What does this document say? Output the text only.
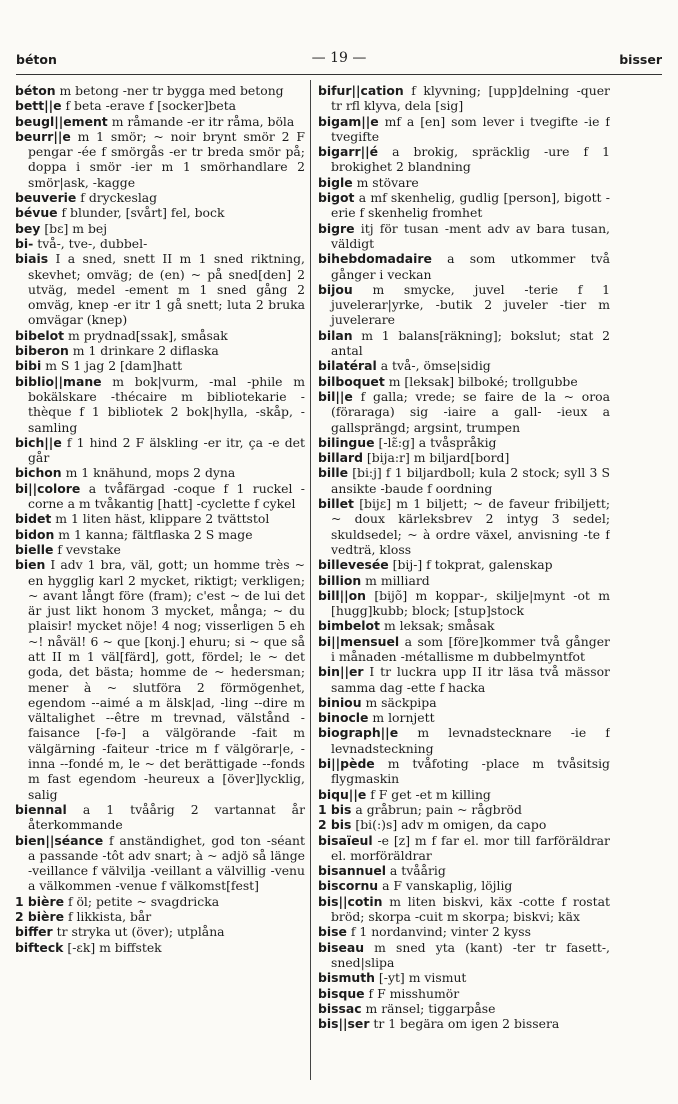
béton	— 19 —	bisser

béton m betong -ner tr bygga med betong

bett||e f beta -erave f [socker]beta

beugl||ement m råmande -er itr råma, böla

beurr||e m 1 smör; ~ noir brynt smör 2 F pengar -ée f smörgås -er tr breda smör på; doppa i smör -ier m 1 smörhandlare 2 smör|ask, -kagge

beuverie f dryckeslag

bévue f blunder, [svårt] fel, bock

bey [bɛ] m bej

bi- två-, tve-, dubbel-

biais I a sned, snett II m 1 sned riktning, skevhet; omväg; de (en) ~ på sned[den] 2 utväg, medel -ement m 1 sned gång 2 omväg, knep -er itr 1 gå snett; luta 2 bruka omvägar (knep)

bibelot m prydnad[ssak], småsak

biberon m 1 drinkare 2 diflaska

bibi m S 1 jag 2 [dam]hatt

biblio||mane m bok|vurm, -mal -phile m bokälskare -thécaire m bibliotekarie -thèque f 1 bibliotek 2 bok|hylla, -skåp, -samling

bich||e f 1 hind 2 F älskling -er itr, ça -e det går

bichon m 1 knähund, mops 2 dyna

bi||colore a tvåfärgad -coque f 1 ruckel -corne a m tvåkantig [hatt] -cyclette f cykel

bidet m 1 liten häst, klippare 2 tvättstol

bidon m 1 kanna; fältflaska 2 S mage

bielle f vevstake

bien I adv 1 bra, väl, gott; un homme très ~ en hygglig karl 2 mycket, riktigt; verkligen; ~ avant långt före (fram); c'est ~ de lui det är just likt honom 3 mycket, många; ~ du plaisir! mycket nöje! 4 nog; visserligen 5 eh ~! nåväl! 6 ~ que [konj.] ehuru; si ~ que så att II m 1 väl[färd], gott, fördel; le ~ det goda, det bästa; homme de ~ hedersman; mener à ~ slutföra 2 förmögenhet, egendom --aimé a m älsk|ad, -ling --dire m vältalighet --être m trevnad, välstånd -faisance [-fə-] a välgörande -fait m välgärning -faiteur -trice m f välgörar|e, -inna --fondé m, le ~ det berättigade --fonds m fast egendom -heureux a [över]lycklig, salig

biennal a 1 tvåårig 2 vartannat år återkommande

bien||séance f anständighet, god ton -séant a passande -tôt adv snart; à ~ adjö så länge -veillance f välvilja -veillant a välvillig -venu a välkommen -venue f välkomst[fest]

1 bière f öl; petite ~ svagdricka

2 bière f likkista, bår

biffer tr stryka ut (över); utplåna

bifteck [-ɛk] m biffstek

bifur||cation f klyvning; [upp]delning -quer tr rfl klyva, dela [sig]

bigam||e mf a [en] som lever i tvegifte -ie f tvegifte

bigarr||é a brokig, spräcklig -ure f 1 brokighet 2 blandning

bigle m stövare

bigot a mf skenhelig, gudlig [person], bigott -erie f skenhelig fromhet

bigre itj för tusan -ment adv av bara tusan, väldigt

bihebdomadaire a som utkommer två gånger i veckan

bijou m smycke, juvel -terie f 1 juvelerar|yrke, -butik 2 juveler -tier m juvelerare

bilan m 1 balans[räkning]; bokslut; stat 2 antal

bilatéral a två-, ömse|sidig

bilboquet m [leksak] bilboké; trollgubbe

bil||e f galla; vrede; se faire de la ~ oroa (föraraga) sig -iaire a gall- -ieux a gallsprängd; argsint, trumpen

bilingue [-lɛ̃:g] a tvåspråkig

billard [bija:r] m biljard[bord]

bille [bi:j] f 1 biljardboll; kula 2 stock; syll 3 S ansikte -baude f oordning

billet [bijɛ] m 1 biljett; ~ de faveur fribiljett; ~ doux kärleksbrev 2 intyg 3 sedel; skuldsedel; ~ à ordre växel, anvisning -te f vedträ, kloss

billevesée [bij-] f tokprat, galenskap

billion m milliard

bill||on [bijõ] m koppar-, skilje|mynt -ot m [hugg]kubb; block; [stup]stock

bimbelot m leksak; småsak

bi||mensuel a som [före]kommer två gånger i månaden -métallisme m dubbelmyntfot

bin||er I tr luckra upp II itr läsa två mässor samma dag -ette f hacka

biniou m säckpipa

binocle m lornjett

biograph||e m levnadstecknare -ie f levnadsteckning

bi||pède m tvåfoting -place m tvåsitsig flygmaskin

biqu||e f F get -et m killing

1 bis a gråbrun; pain ~ rågbröd

2 bis [bi(:)s] adv m omigen, da capo

bisaïeul -e [z] m f far el. mor till farföräldrar el. morföräldrar

bisannuel a tvåårig

biscornu a F vanskaplig, löjlig

bis||cotin m liten biskvi, käx -cotte f rostat bröd; skorpa -cuit m skorpa; biskvi; käx

bise f 1 nordanvind; vinter 2 kyss

biseau m sned yta (kant) -ter tr fasett-, sned|slipa

bismuth [-yt] m vismut

bisque f F misshumör

bissac m ränsel; tiggarpåse

bis||ser tr 1 begära om igen 2 bissera
